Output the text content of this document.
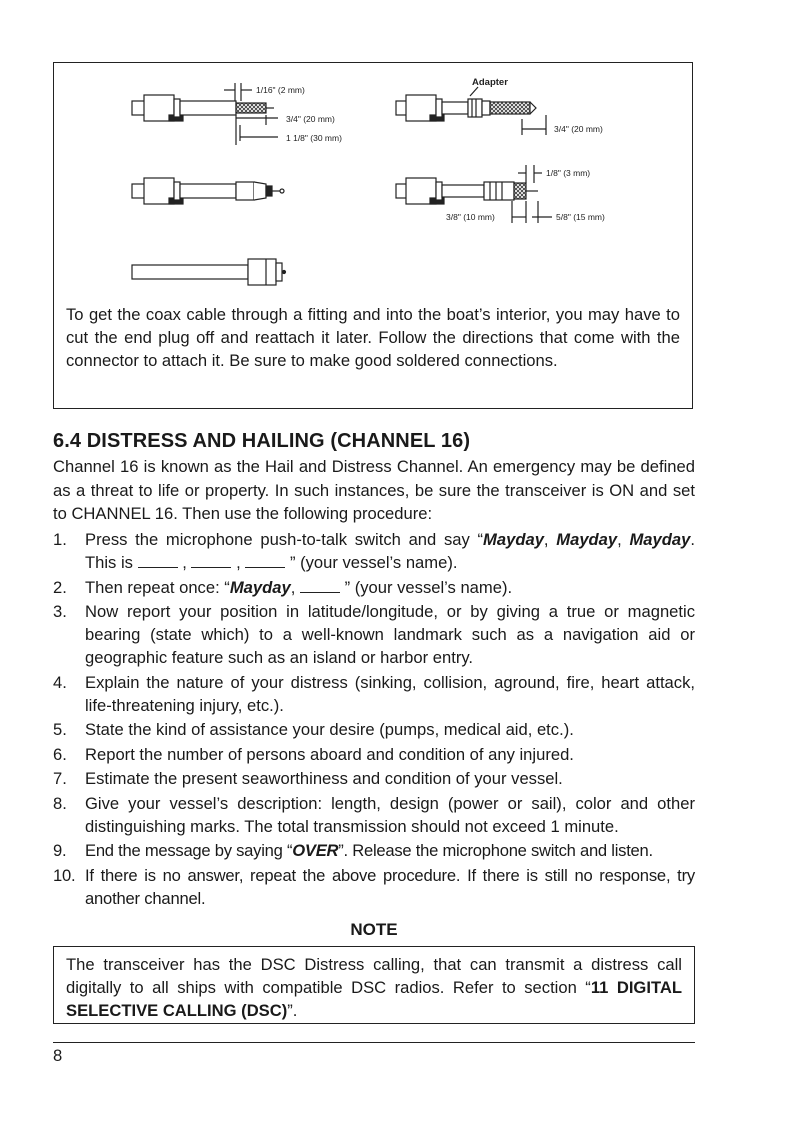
1/16" (2 mm)
3/4" (20 mm)
1 1/8" (30 mm)
Adapter
3/4" (20 mm)
1/8" (3 mm)
3/8" (10 mm)	5/8" (15 mm)

To get the coax cable through a fitting and into the boat’s interior, you may have to cut the end plug off and reattach it later. Follow the directions that come with the connector to attach it. Be sure to make good soldered connections.

6.4 DISTRESS AND HAILING (CHANNEL 16)

Channel 16 is known as the Hail and Distress Channel. An emergency may be defined as a threat to life or property. In such instances, be sure the transceiver is ON and set to CHANNEL 16. Then use the following procedure:

1. Press the microphone push-to-talk switch and say “Mayday, Mayday, Mayday. This is	,	,	” (your vessel’s name).
2. Then repeat once: “Mayday,	” (your vessel’s name).
3. Now report your position in latitude/longitude, or by giving a true or magnetic bearing (state which) to a well-known landmark such as a navigation aid or geographic feature such as an island or harbor entry.
4. Explain the nature of your distress (sinking, collision, aground, fire, heart attack, life-threatening injury, etc.).
5. State the kind of assistance your desire (pumps, medical aid, etc.).
6. Report the number of persons aboard and condition of any injured.
7. Estimate the present seaworthiness and condition of your vessel.
8. Give your vessel’s description: length, design (power or sail), color and other distinguishing marks. The total transmission should not exceed 1 minute.
9. End the message by saying “OVER”. Release the microphone switch and listen.
10. If there is no answer, repeat the above procedure. If there is still no response, try another channel.

NOTE

The transceiver has the DSC Distress calling, that can transmit a distress call digitally to all ships with compatible DSC radios. Refer to section “11 DIGITAL SELECTIVE CALLING (DSC)”.

8
